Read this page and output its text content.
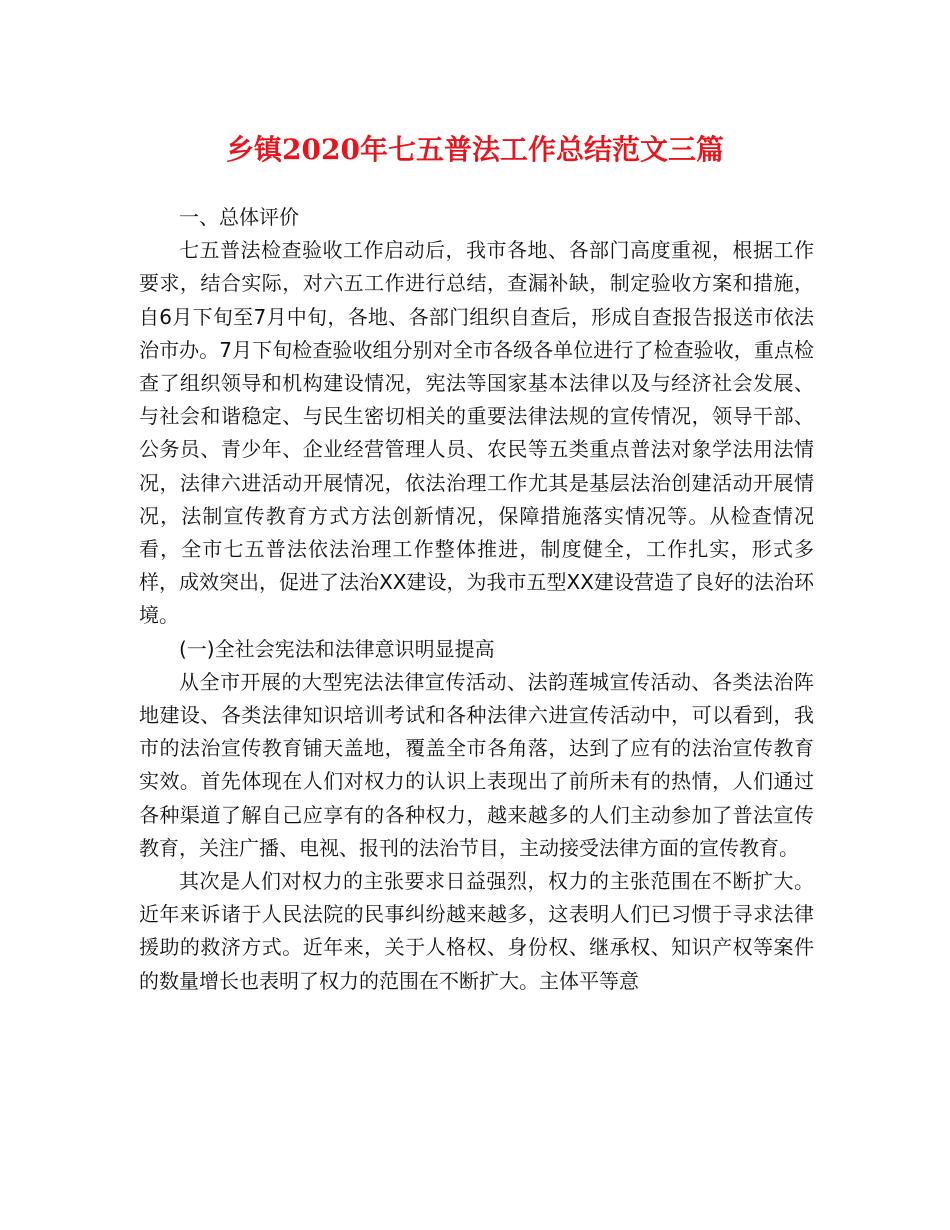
乡镇2020年七五普法工作总结范文三篇

一、总体评价

七五普法检查验收工作启动后，我市各地、各部门高度重视，根据工作要求，结合实际，对六五工作进行总结，查漏补缺，制定验收方案和措施，自6月下旬至7月中旬，各地、各部门组织自查后，形成自查报告报送市依法治市办。7月下旬检查验收组分别对全市各级各单位进行了检查验收，重点检查了组织领导和机构建设情况，宪法等国家基本法律以及与经济社会发展、与社会和谐稳定、与民生密切相关的重要法律法规的宣传情况，领导干部、公务员、青少年、企业经营管理人员、农民等五类重点普法对象学法用法情况，法律六进活动开展情况，依法治理工作尤其是基层法治创建活动开展情况，法制宣传教育方式方法创新情况，保障措施落实情况等。从检查情况看，全市七五普法依法治理工作整体推进，制度健全，工作扎实，形式多样，成效突出，促进了法治XX建设，为我市五型XX建设营造了良好的法治环境。

(一)全社会宪法和法律意识明显提高

从全市开展的大型宪法法律宣传活动、法韵莲城宣传活动、各类法治阵地建设、各类法律知识培训考试和各种法律六进宣传活动中，可以看到，我市的法治宣传教育铺天盖地，覆盖全市各角落，达到了应有的法治宣传教育实效。首先体现在人们对权力的认识上表现出了前所未有的热情，人们通过各种渠道了解自己应享有的各种权力，越来越多的人们主动参加了普法宣传教育，关注广播、电视、报刊的法治节目，主动接受法律方面的宣传教育。

其次是人们对权力的主张要求日益强烈，权力的主张范围在不断扩大。近年来诉诸于人民法院的民事纠纷越来越多，这表明人们已习惯于寻求法律援助的救济方式。近年来，关于人格权、身份权、继承权、知识产权等案件的数量增长也表明了权力的范围在不断扩大。主体平等意
